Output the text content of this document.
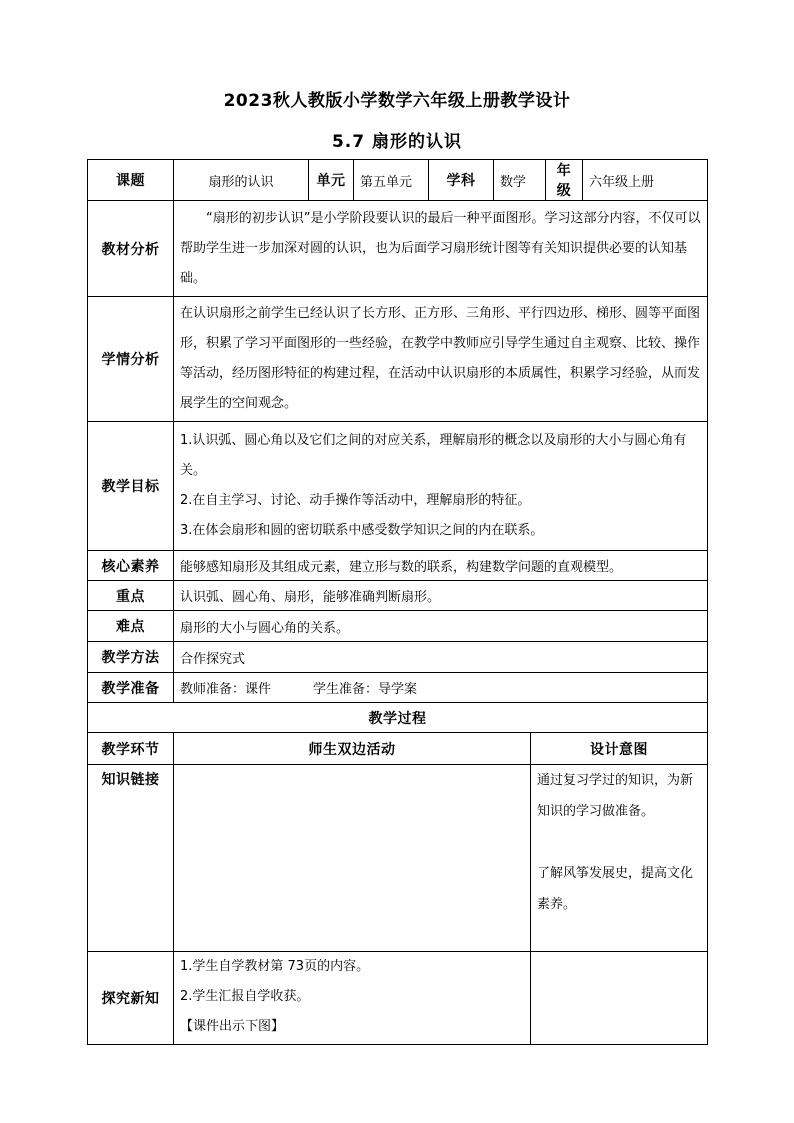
2023秋人教版小学数学六年级上册教学设计
5.7 扇形的认识
课题	扇形的认识	单元	第五单元	学科	数学		年级	六年级上册
教材分析	“扇形的初步认识”是小学阶段要认识的最后一种平面图形。学习这部分内容，不仅可以帮助学生进一步加深对圆的认识，也为后面学习扇形统计图等有关知识提供必要的认知基础。							

学情分析	在认识扇形之前学生已经认识了长方形、正方形、三角形、平行四边形、梯形、圆等平面图形，积累了学习平面图形的一些经验，在教学中教师应引导学生通过自主观察、比较、操作等活动，经历图形特征的构建过程，在活动中认识扇形的本质属性，积累学习经验，从而发展学生的空间观念。							

教学目标	1.认识弧、圆心角以及它们之间的对应关系，理解扇形的概念以及扇形的大小与圆心角有关。

2.在自主学习、讨论、动手操作等活动中，理解扇形的特征。

3.在体会扇形和圆的密切联系中感受数学知识之间的内在联系。							

核心素养	能够感知扇形及其组成元素，建立形与数的联系，构建数学问题的直观模型。							
重点	认识弧、圆心角、扇形，能够准确判断扇形。							
难点	扇形的大小与圆心角的关系。							
教学方法	合作探究式							
教学准备	教师准备：课件 学生准备：导学案							
教学过程								
教学环节	师生双边活动					设计意图		
知识链接						通过复习学过的知识，为新知识的学习做准备。

了解风筝发展史，提高文化素养。		

探究新知	1.学生自学教材第 73页的内容。

2.学生汇报自学收获。

【课件出示下图】							
